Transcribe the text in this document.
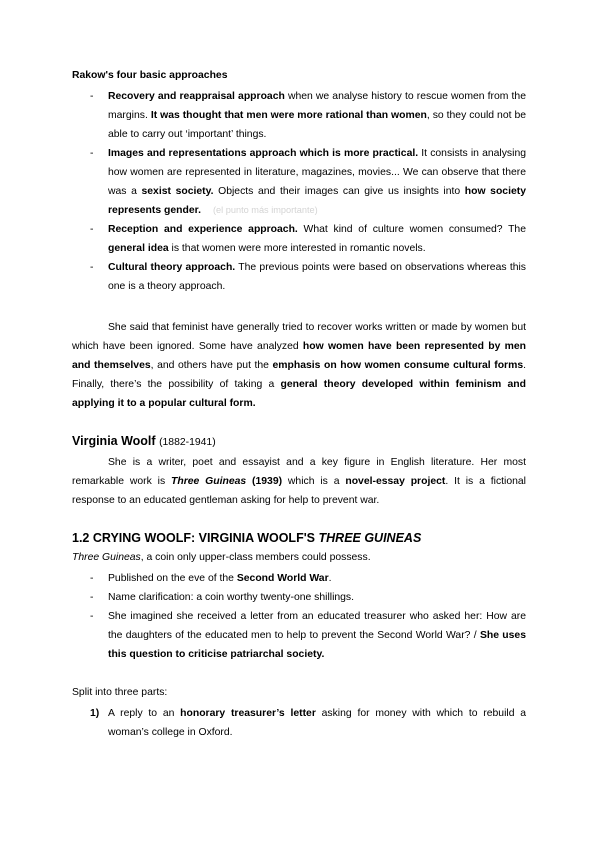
Rakow's four basic approaches
- Recovery and reappraisal approach when we analyse history to rescue women from the margins. It was thought that men were more rational than women, so they could not be able to carry out ‘important’ things.
- Images and representations approach which is more practical. It consists in analysing how women are represented in literature, magazines, movies... We can observe that there was a sexist society. Objects and their images can give us insights into how society represents gender. (el punto más importante)
- Reception and experience approach. What kind of culture women consumed? The general idea is that women were more interested in romantic novels.
- Cultural theory approach. The previous points were based on observations whereas this one is a theory approach.

She said that feminist have generally tried to recover works written or made by women but which have been ignored. Some have analyzed how women have been represented by men and themselves, and others have put the emphasis on how women consume cultural forms. Finally, there’s the possibility of taking a general theory developed within feminism and applying it to a popular cultural form.

Virginia Woolf (1882-1941)

She is a writer, poet and essayist and a key figure in English literature. Her most remarkable work is Three Guineas (1939) which is a novel-essay project. It is a fictional response to an educated gentleman asking for help to prevent war.

1.2 CRYING WOOLF: VIRGINIA WOOLF'S THREE GUINEAS
Three Guineas, a coin only upper-class members could possess.
- Published on the eve of the Second World War.
- Name clarification: a coin worthy twenty-one shillings.
- She imagined she received a letter from an educated treasurer who asked her: How are the daughters of the educated men to help to prevent the Second World War? / She uses this question to criticise patriarchal society.
Split into three parts:
1) A reply to an honorary treasurer’s letter asking for money with which to rebuild a woman’s college in Oxford.
